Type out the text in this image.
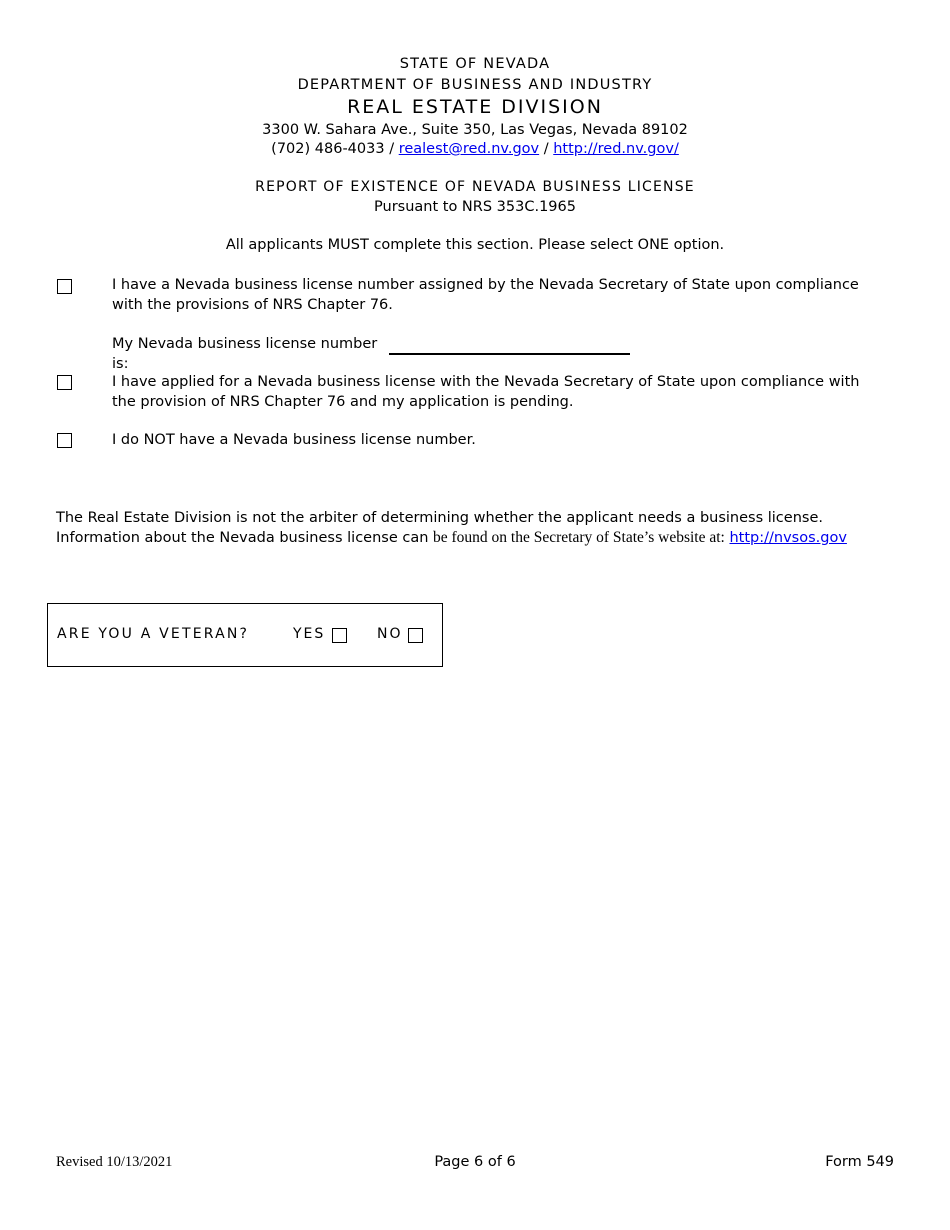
STATE OF NEVADA
DEPARTMENT OF BUSINESS AND INDUSTRY
REAL ESTATE DIVISION
3300 W. Sahara Ave., Suite 350, Las Vegas, Nevada 89102
(702) 486-4033 / realest@red.nv.gov / http://red.nv.gov/
REPORT OF EXISTENCE OF NEVADA BUSINESS LICENSE
Pursuant to NRS 353C.1965
All applicants MUST complete this section. Please select ONE option.
I have a Nevada business license number assigned by the Nevada Secretary of State upon compliance with the provisions of NRS Chapter 76.
My Nevada business license number is:
I have applied for a Nevada business license with the Nevada Secretary of State upon compliance with the provision of NRS Chapter 76 and my application is pending.
I do NOT have a Nevada business license number.
The Real Estate Division is not the arbiter of determining whether the applicant needs a business license. Information about the Nevada business license can be found on the Secretary of State’s website at: http://nvsos.gov
ARE YOU A VETERAN?	YES	NO
Revised 10/13/2021	Page 6 of 6	Form 549
